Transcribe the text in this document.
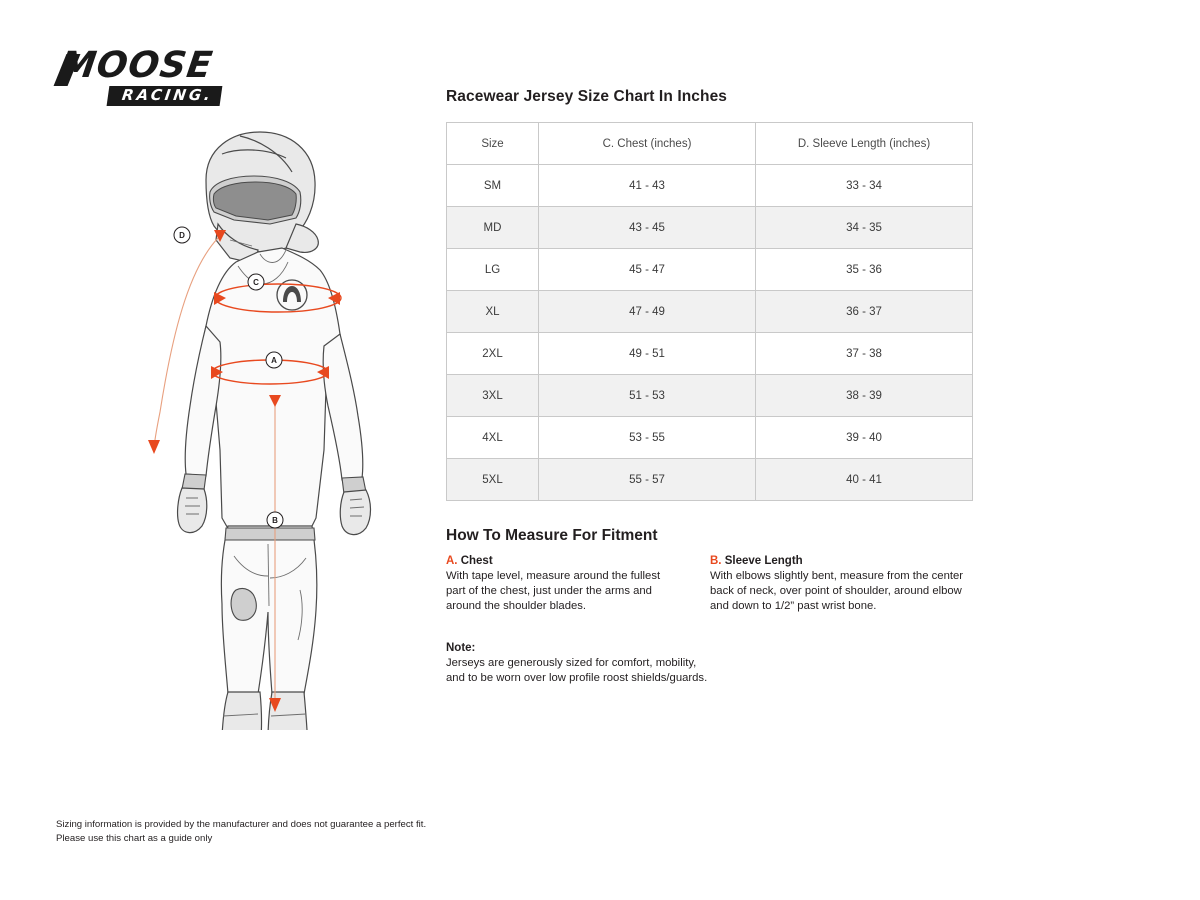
MOOSE
RACING.
C
A
D
B
Racewear Jersey Size Chart In Inches
Size	C. Chest (inches)	D. Sleeve Length (inches)
SM	41 - 43	33 - 34
MD	43 - 45	34 - 35
LG	45 - 47	35 - 36
XL	47 - 49	36 - 37
2XL	49 - 51	37 - 38
3XL	51 - 53	38 - 39
4XL	53 - 55	39 - 40
5XL	55 - 57	40 - 41
How To Measure For Fitment
A. Chest
With tape level, measure around the fullest part of the chest, just under the arms and around the shoulder blades.
B. Sleeve Length
With elbows slightly bent, measure from the center back of neck, over point of shoulder, around elbow and down to 1/2” past wrist bone.
Note:
Jerseys are generously sized for comfort, mobility, and to be worn over low profile roost shields/guards.
Sizing information is provided by the manufacturer and does not guarantee a perfect fit.
Please use this chart as a guide only
